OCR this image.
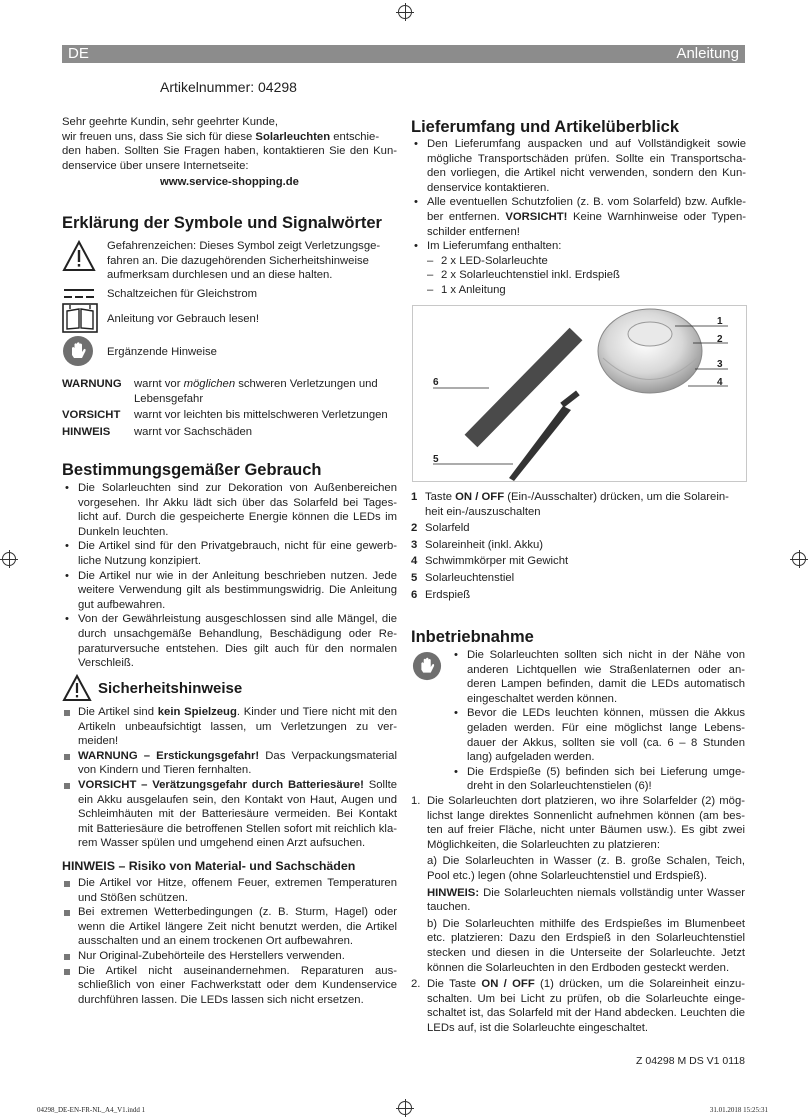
DE	Anleitung
Artikelnummer: 04298

Sehr geehrte Kundin, sehr geehrter Kunde,

wir freuen uns, dass Sie sich für diese Solarleuchten entschie-
den haben. Sollten Sie Fragen haben, kontaktieren Sie den Kun-denservice über unsere Internetseite:

www.service-shopping.de

Erklärung der Symbole und Signalwörter
Gefahrenzeichen: Dieses Symbol zeigt Verletzungsge-fahren an. Die dazugehörenden Sicherheitshinweise aufmerksam durchlesen und an diese halten.
Schaltzeichen für Gleichstrom
Anleitung vor Gebrauch lesen!
Ergänzende Hinweise
WARNUNG warnt vor möglichen schweren Verletzungen und Lebensgefahr
VORSICHT warnt vor leichten bis mittelschweren Verletzungen
HINWEIS warnt vor Sachschäden
Bestimmungsgemäßer Gebrauch
• Die Solarleuchten sind zur Dekoration von Außenbereichen vorgesehen. Ihr Akku lädt sich über das Solarfeld bei Tages-licht auf. Durch die gespeicherte Energie können die LEDs im Dunkeln leuchten.
• Die Artikel sind für den Privatgebrauch, nicht für eine gewerb-liche Nutzung konzipiert.
• Die Artikel nur wie in der Anleitung beschrieben nutzen. Jede weitere Verwendung gilt als bestimmungswidrig. Die Anleitung gut aufbewahren.
• Von der Gewährleistung ausgeschlossen sind alle Mängel, die durch unsachgemäße Behandlung, Beschädigung oder Re-paraturversuche entstehen. Dies gilt auch für den normalen Verschleiß.
Sicherheitshinweise
Die Artikel sind kein Spielzeug. Kinder und Tiere nicht mit den Artikeln unbeaufsichtigt lassen, um Verletzungen zu ver-meiden!
WARNUNG – Erstickungsgefahr! Das Verpackungsmaterial von Kindern und Tieren fernhalten.
VORSICHT – Verätzungsgefahr durch Batteriesäure! Sollte ein Akku ausgelaufen sein, den Kontakt von Haut, Augen und Schleimhäuten mit der Batteriesäure vermeiden. Bei Kontakt mit Batteriesäure die betroffenen Stellen sofort mit reichlich kla-rem Wasser spülen und umgehend einen Arzt aufsuchen.
HINWEIS – Risiko von Material- und Sachschäden
Die Artikel vor Hitze, offenem Feuer, extremen Temperaturen und Stößen schützen.
Bei extremen Wetterbedingungen (z. B. Sturm, Hagel) oder wenn die Artikel längere Zeit nicht benutzt werden, die Artikel ausschalten und an einem trockenen Ort aufbewahren.
Nur Original-Zubehörteile des Herstellers verwenden.
Die Artikel nicht auseinandernehmen. Reparaturen aus-schließlich von einer Fachwerkstatt oder dem Kundenservice durchführen lassen. Die LEDs lassen sich nicht ersetzen.
Lieferumfang und Artikelüberblick
• Den Lieferumfang auspacken und auf Vollständigkeit sowie mögliche Transportschäden prüfen. Sollte ein Transportscha-den vorliegen, die Artikel nicht verwenden, sondern den Kun-denservice kontaktieren.
• Alle eventuellen Schutzfolien (z. B. vom Solarfeld) bzw. Aufkle-ber entfernen. VORSICHT! Keine Warnhinweise oder Typen-schilder entfernen!
• Im Lieferumfang enthalten:
– 2 x LED-Solarleuchte
– 2 x Solarleuchtenstiel inkl. Erdspieß
– 1 x Anleitung
1
2
3
4
5
6
1 Taste ON / OFF (Ein-/Ausschalter) drücken, um die Solarein-heit ein-/auszuschalten
2 Solarfeld
3 Solareinheit (inkl. Akku)
4 Schwimmkörper mit Gewicht
5 Solarleuchtenstiel
6 Erdspieß
Inbetriebnahme
• Die Solarleuchten sollten sich nicht in der Nähe von anderen Lichtquellen wie Straßenlaternen oder an-deren Lampen befinden, damit die LEDs automatisch eingeschaltet werden können.
• Bevor die LEDs leuchten können, müssen die Akkus geladen werden. Für eine möglichst lange Lebens-dauer der Akkus, sollten sie voll (ca. 6 – 8 Stunden lang) aufgeladen werden.
• Die Erdspieße (5) befinden sich bei Lieferung umge-dreht in den Solarleuchtenstielen (6)!
1. Die Solarleuchten dort platzieren, wo ihre Solarfelder (2) mög-lichst lange direktes Sonnenlicht aufnehmen können (am bes-ten auf freier Fläche, nicht unter Bäumen usw.). Es gibt zwei Möglichkeiten, die Solarleuchten zu platzieren:

a) Die Solarleuchten in Wasser (z. B. große Schalen, Teich, Pool etc.) legen (ohne Solarleuchtenstiel und Erdspieß).

HINWEIS: Die Solarleuchten niemals vollständig unter Wasser tauchen.

b) Die Solarleuchten mithilfe des Erdspießes im Blumenbeet etc. platzieren: Dazu den Erdspieß in den Solarleuchtenstiel stecken und diesen in die Unterseite der Solarleuchte. Jetzt können die Solarleuchten in den Erdboden gesteckt werden.

2. Die Taste ON / OFF (1) drücken, um die Solareinheit einzu-schalten. Um bei Licht zu prüfen, ob die Solarleuchte einge-schaltet ist, das Solarfeld mit der Hand abdecken. Leuchten die LEDs auf, ist die Solarleuchte eingeschaltet.

Z 04298 M DS V1 0118
04298_DE-EN-FR-NL_A4_V1.indd 1	31.01.2018 15:25:31
